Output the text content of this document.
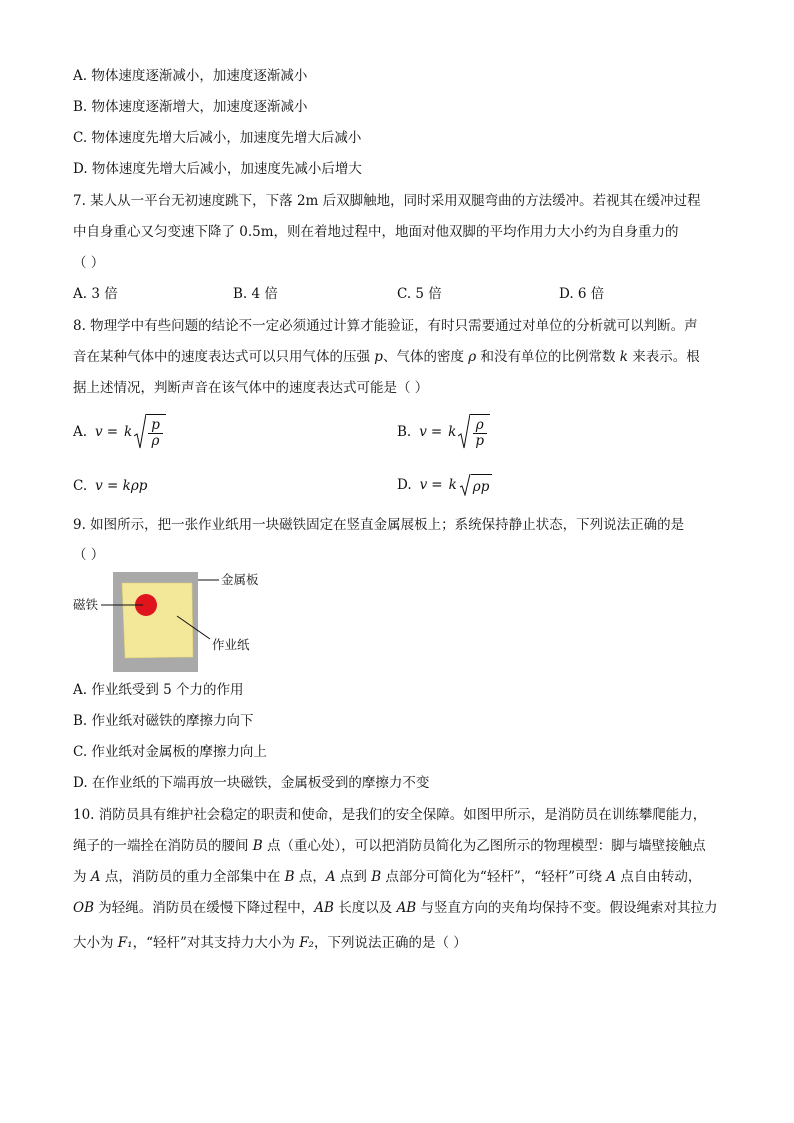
A. 物体速度逐渐减小，加速度逐渐减小
B. 物体速度逐渐增大，加速度逐渐减小
C. 物体速度先增大后减小，加速度先增大后减小
D. 物体速度先增大后减小，加速度先减小后增大
7. 某人从一平台无初速度跳下，下落 2m 后双脚触地，同时采用双腿弯曲的方法缓冲。若视其在缓冲过程
中自身重心又匀变速下降了 0.5m，则在着地过程中，地面对他双脚的平均作用力大小约为自身重力的
（ ）
A. 3 倍	B. 4 倍	C. 5 倍	D. 6 倍
8. 物理学中有些问题的结论不一定必须通过计算才能验证，有时只需要通过对单位的分析就可以判断。声
音在某种气体中的速度表达式可以只用气体的压强 p、气体的密度 ρ 和没有单位的比例常数 k 来表示。根
据上述情况，判断声音在该气体中的速度表达式可能是（ ）
A. v = k $\frac{p}{\rho}$	B. v = k $\frac{\rho}{p}$
C. v = kρp	D. v = k ρp
9. 如图所示，把一张作业纸用一块磁铁固定在竖直金属展板上；系统保持静止状态，下列说法正确的是
（ ）
金属板
磁铁
作业纸
A. 作业纸受到 5 个力的作用
B. 作业纸对磁铁的摩擦力向下
C. 作业纸对金属板的摩擦力向上
D. 在作业纸的下端再放一块磁铁，金属板受到的摩擦力不变
10. 消防员具有维护社会稳定的职责和使命，是我们的安全保障。如图甲所示，是消防员在训练攀爬能力，
绳子的一端拴在消防员的腰间 B 点（重心处），可以把消防员简化为乙图所示的物理模型：脚与墙壁接触点
为 A 点，消防员的重力全部集中在 B 点，A 点到 B 点部分可简化为“轻杆”，“轻杆”可绕 A 点自由转动，
OB 为轻绳。消防员在缓慢下降过程中，AB 长度以及 AB 与竖直方向的夹角均保持不变。假设绳索对其拉力
大小为 F₁，“轻杆”对其支持力大小为 F₂，下列说法正确的是（ ）
